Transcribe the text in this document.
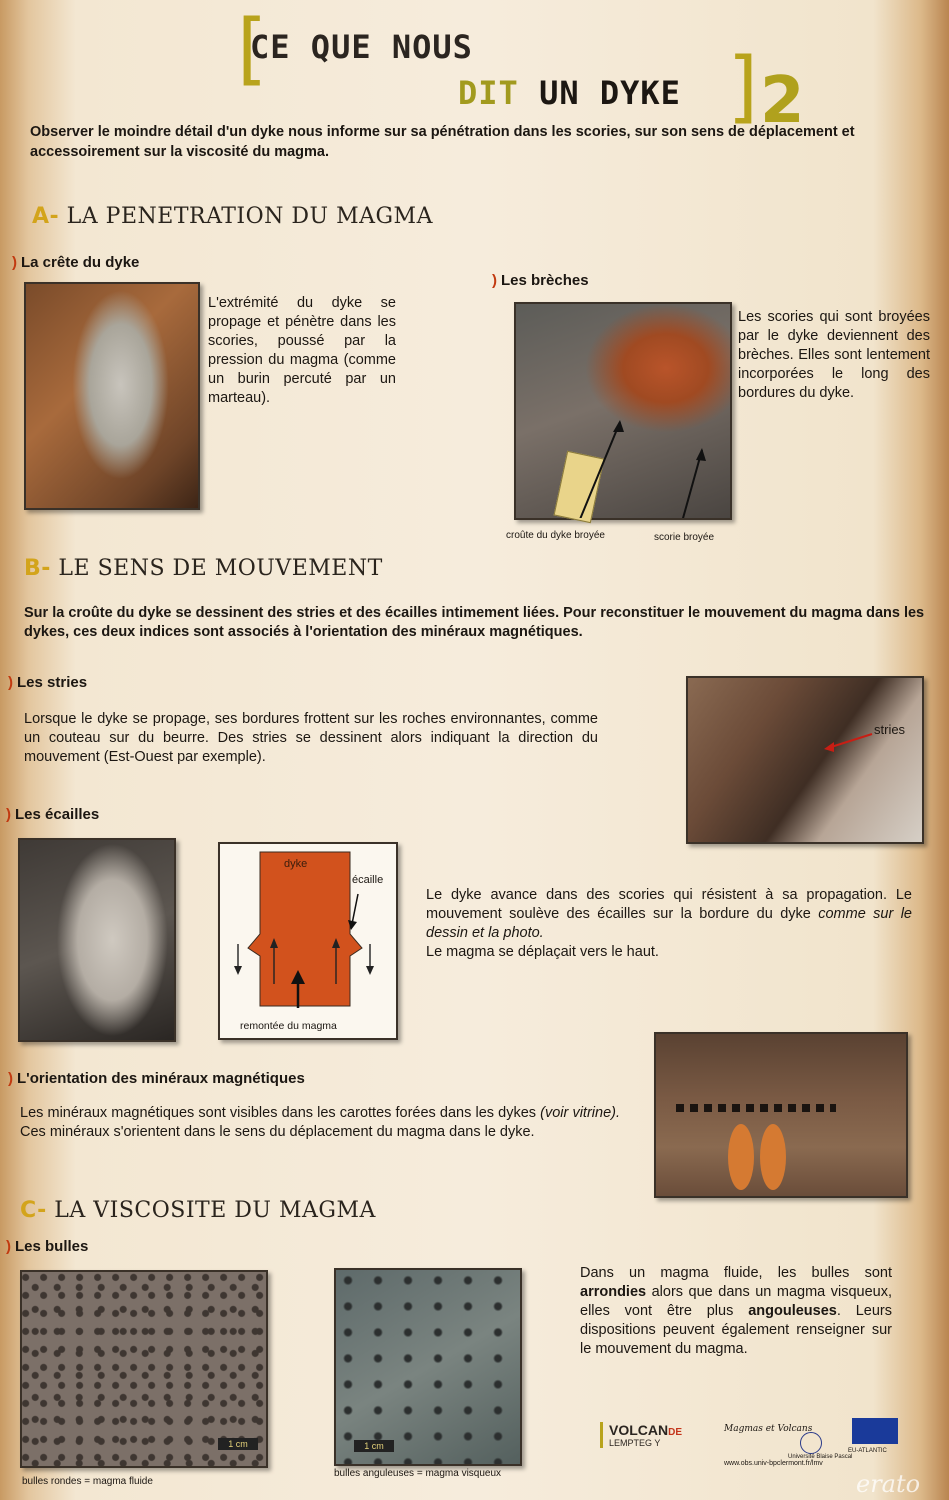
[
CE QUE NOUS
DIT UN DYKE ]
2
Observer le moindre détail d'un dyke nous informe sur sa pénétration dans les scories, sur son sens de déplacement et accessoirement sur la viscosité du magma.
A- LA PENETRATION DU MAGMA
) La crête du dyke
L'extrémité du dyke se propage et pénètre dans les scories, poussé par la pression du magma (comme un burin percuté par un marteau).
) Les brèches
croûte du dyke broyée	scorie broyée
Les scories qui sont broyées par le dyke deviennent des brèches. Elles sont lentement incorporées le long des bordures du dyke.
B- LE SENS DE MOUVEMENT
Sur la croûte du dyke se dessinent des stries et des écailles intimement liées. Pour reconstituer le mouvement du magma dans les dykes, ces deux indices sont associés à l'orientation des minéraux magnétiques.
) Les stries
Lorsque le dyke se propage, ses bordures frottent sur les roches environnantes, comme un couteau sur du beurre. Des stries se dessinent alors indiquant la direction du mouvement (Est-Ouest par exemple).
stries
) Les écailles
dyke
écaille
remontée du magma
Le dyke avance dans des scories qui résistent à sa propagation. Le mouvement soulève des écailles sur la bordure du dyke comme sur le dessin et la photo.
Le magma se déplaçait vers le haut.
) L'orientation des minéraux magnétiques
Les minéraux magnétiques sont visibles dans les carottes forées dans les dykes (voir vitrine). Ces minéraux s'orientent dans le sens du déplacement du magma dans le dyke.
C- LA VISCOSITE DU MAGMA
) Les bulles
1 cm
bulles rondes = magma fluide
1 cm
bulles anguleuses = magma visqueux
Dans un magma fluide, les bulles sont arrondies alors que dans un magma visqueux, elles vont être plus angouleuses. Leurs dispositions peuvent également renseigner sur le mouvement du magma.
VOLCANDE
LEMPTEG Y
Magmas et Volcans
Université Blaise Pascal
EU-ATLANTIC
www.obs.univ-bpclermont.fr/lmv
erato
